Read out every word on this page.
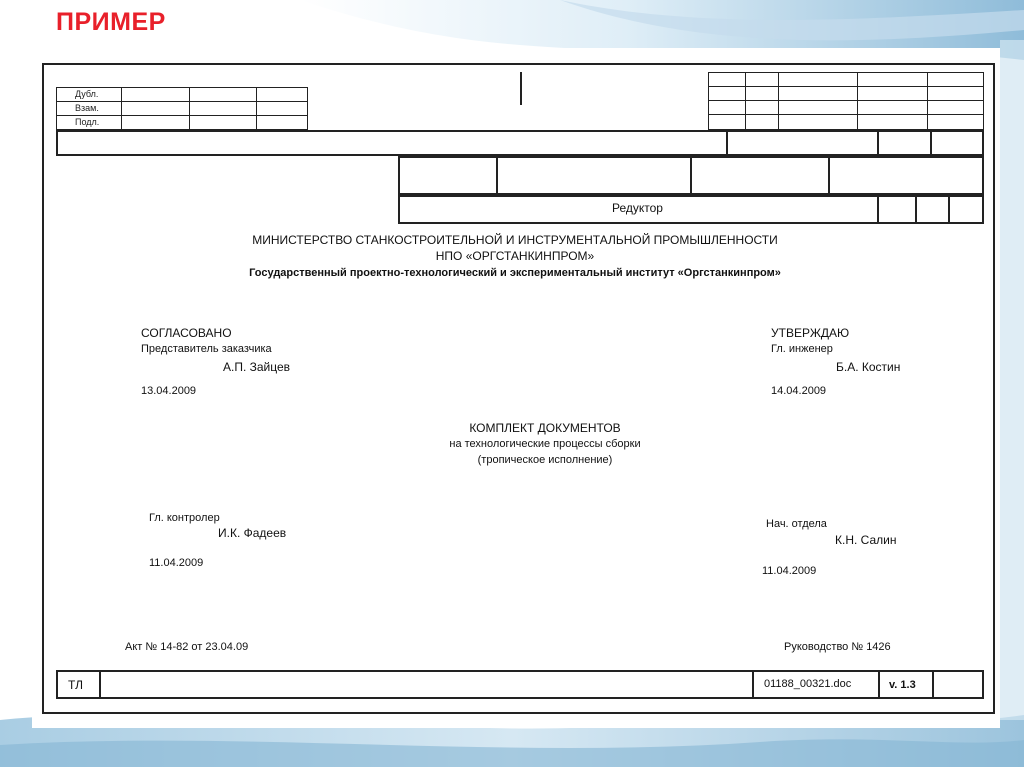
ПРИМЕР
Дубл.
Взам.
Подл.
Редуктор
МИНИСТЕРСТВО СТАНКОСТРОИТЕЛЬНОЙ И ИНСТРУМЕНТАЛЬНОЙ ПРОМЫШЛЕННОСТИ
НПО «ОРГСТАНКИНПРОМ»
Государственный проектно-технологический и экспериментальный институт «Оргстанкинпром»
СОГЛАСОВАНО
Представитель заказчика
А.П. Зайцев
13.04.2009
УТВЕРЖДАЮ
Гл. инженер
Б.А. Костин
14.04.2009
КОМПЛЕКТ ДОКУМЕНТОВ
на технологические процессы сборки
(тропическое исполнение)
Гл. контролер
И.К. Фадеев
11.04.2009
Нач. отдела
К.Н. Салин
11.04.2009
Акт № 14-82 от 23.04.09	Руководство № 1426
ТЛ	01188_00321.doc	v. 1.3
